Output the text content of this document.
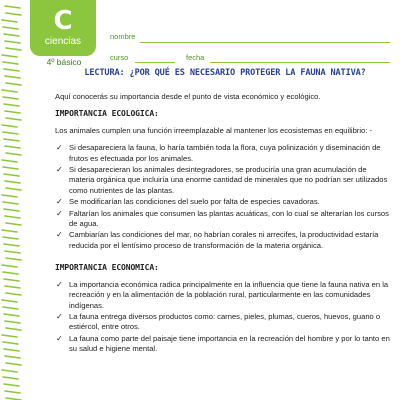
C
ciencias
4º básico
nombre
curso	fecha
LECTURA: ¿POR QUÉ ES NECESARIO PROTEGER LA FAUNA NATIVA?

Aquí conocerás su importancia desde el punto de vista económico y ecológico.

IMPORTANCIA ECOLOGICA:

Los animales cumplen una función irreemplazable al mantener los ecosistemas en equilibrio: -

✓ Si desapareciera la fauna, lo haría también toda la flora, cuya polinización y diseminación de frutos es efectuada por los animales.
✓ Si desaparecieran los animales desintegradores, se produciría una gran acumulación de materia orgánica que incluiría una enorme cantidad de minerales que no podrían ser utilizados como nutrientes de las plantas.
✓ Se modificarían las condiciones del suelo por falta de especies cavadoras.
✓ Faltarían los animales que consumen las plantas acuáticas, con lo cual se alterarían los cursos de agua.
✓ Cambiarían las condiciones del mar, no habrían corales ni arrecifes, la productividad estaría reducida por el lentísimo proceso de transformación de la materia orgánica.
IMPORTANCIA ECONOMICA:
✓ La importancia económica radica principalmente en la influencia que tiene la fauna nativa en la recreación y en la alimentación de la población rural, particularmente en las comunidades indígenas.
✓ La fauna entrega diversos productos como: carnes, pieles, plumas, cueros, huevos, guano o estiércol, entre otros.
✓ La fauna como parte del paisaje tiene importancia en la recreación del hombre y por lo tanto en su salud e higiene mental.
